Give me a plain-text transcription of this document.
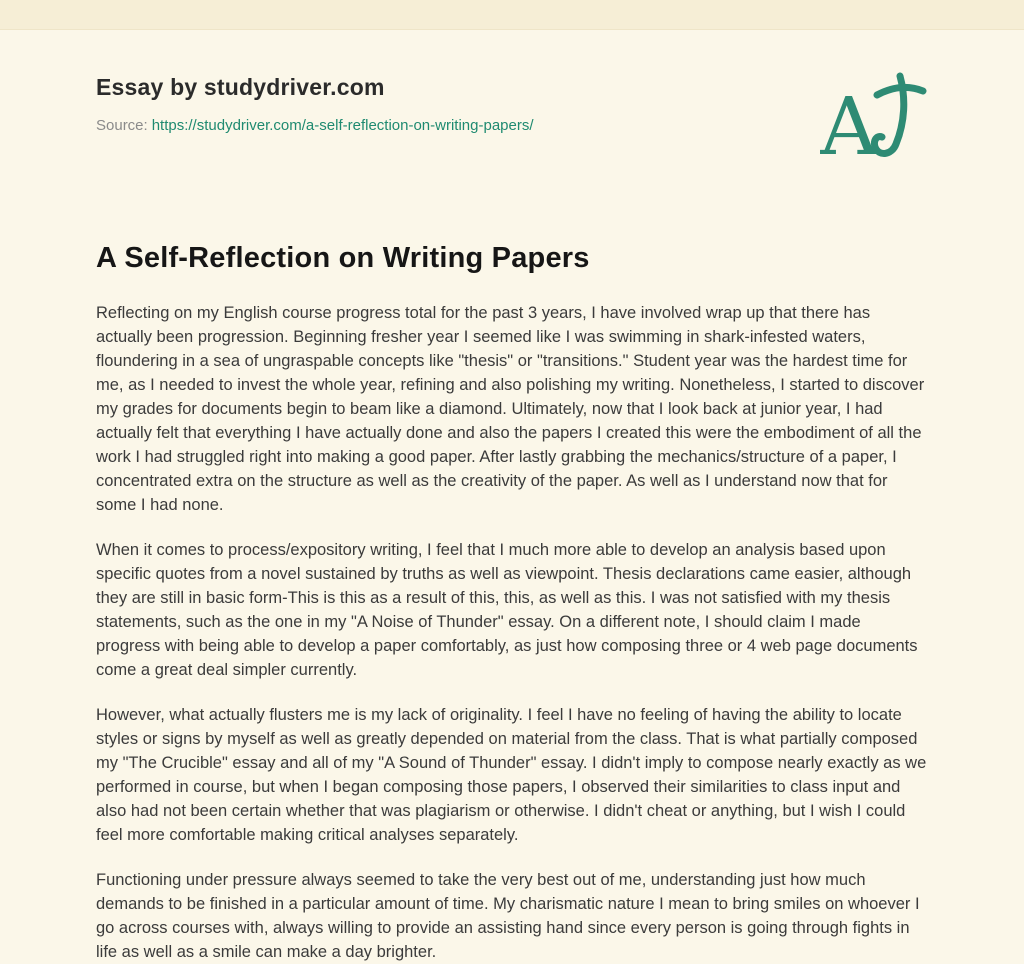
Essay by studydriver.com
Source: https://studydriver.com/a-self-reflection-on-writing-papers/	A
A Self-Reflection on Writing Papers

Reflecting on my English course progress total for the past 3 years, I have involved wrap up that there has actually been progression. Beginning fresher year I seemed like I was swimming in shark-infested waters, floundering in a sea of ungraspable concepts like "thesis" or "transitions." Student year was the hardest time for me, as I needed to invest the whole year, refining and also polishing my writing. Nonetheless, I started to discover my grades for documents begin to beam like a diamond. Ultimately, now that I look back at junior year, I had actually felt that everything I have actually done and also the papers I created this were the embodiment of all the work I had struggled right into making a good paper. After lastly grabbing the mechanics/structure of a paper, I concentrated extra on the structure as well as the creativity of the paper. As well as I understand now that for some I had none.

When it comes to process/expository writing, I feel that I much more able to develop an analysis based upon specific quotes from a novel sustained by truths as well as viewpoint. Thesis declarations came easier, although they are still in basic form-This is this as a result of this, this, as well as this. I was not satisfied with my thesis statements, such as the one in my "A Noise of Thunder" essay. On a different note, I should claim I made progress with being able to develop a paper comfortably, as just how composing three or 4 web page documents come a great deal simpler currently.

However, what actually flusters me is my lack of originality. I feel I have no feeling of having the ability to locate styles or signs by myself as well as greatly depended on material from the class. That is what partially composed my "The Crucible" essay and all of my "A Sound of Thunder" essay. I didn't imply to compose nearly exactly as we performed in course, but when I began composing those papers, I observed their similarities to class input and also had not been certain whether that was plagiarism or otherwise. I didn't cheat or anything, but I wish I could feel more comfortable making critical analyses separately.

Functioning under pressure always seemed to take the very best out of me, understanding just how much demands to be finished in a particular amount of time. My charismatic nature I mean to bring smiles on whoever I go across courses with, always willing to provide an assisting hand since every person is going through fights in life as well as a smile can make a day brighter.
